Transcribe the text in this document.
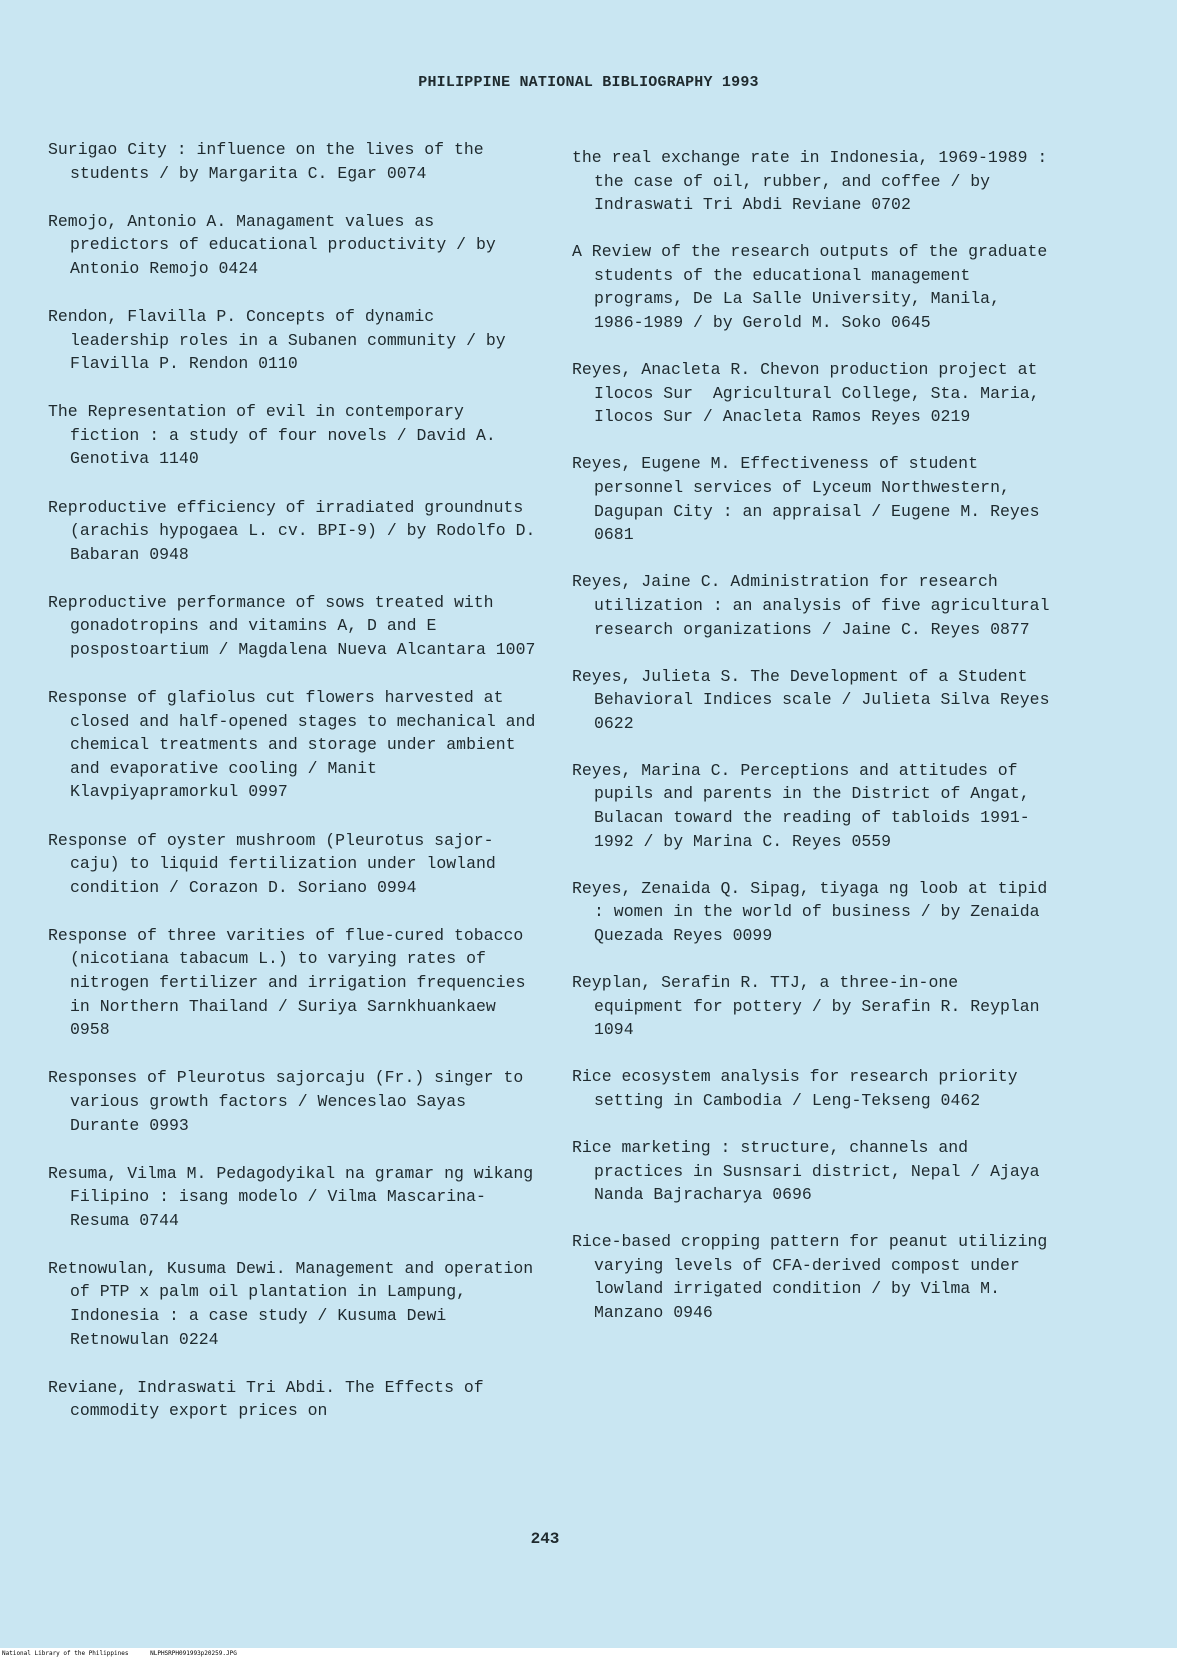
PHILIPPINE NATIONAL BIBLIOGRAPHY 1993

Surigao City : influence on the lives of the students / by Margarita C. Egar 0074

Remojo, Antonio A. Managament values as predictors of educational productivity / by Antonio Remojo 0424

Rendon, Flavilla P. Concepts of dynamic leadership roles in a Subanen community / by Flavilla P. Rendon 0110

The Representation of evil in contemporary fiction : a study of four novels / David A. Genotiva 1140

Reproductive efficiency of irradiated groundnuts (arachis hypogaea L. cv. BPI-9) / by Rodolfo D. Babaran 0948

Reproductive performance of sows treated with gonadotropins and vitamins A, D and E pospostoartium / Magdalena Nueva Alcantara 1007

Response of glafiolus cut flowers harvested at closed and half-opened stages to mechanical and chemical treatments and storage under ambient and evaporative cooling / Manit Klavpiyapramorkul 0997

Response of oyster mushroom (Pleurotus sajor-caju) to liquid fertilization under lowland condition / Corazon D. Soriano 0994

Response of three varities of flue-cured tobacco (nicotiana tabacum L.) to varying rates of nitrogen fertilizer and irrigation frequencies in Northern Thailand / Suriya Sarnkhuankaew 0958

Responses of Pleurotus sajorcaju (Fr.) singer to various growth factors / Wenceslao Sayas Durante 0993

Resuma, Vilma M. Pedagodyikal na gramar ng wikang Filipino : isang modelo / Vilma Mascarina-Resuma 0744

Retnowulan, Kusuma Dewi. Management and operation of PTP x palm oil plantation in Lampung, Indonesia : a case study / Kusuma Dewi Retnowulan 0224

Reviane, Indraswati Tri Abdi. The Effects of commodity export prices on

the real exchange rate in Indonesia, 1969-1989 : the case of oil, rubber, and coffee / by Indraswati Tri Abdi Reviane 0702

A Review of the research outputs of the graduate students of the educational management programs, De La Salle University, Manila, 1986-1989 / by Gerold M. Soko 0645

Reyes, Anacleta R. Chevon production project at Ilocos Sur  Agricultural College, Sta. Maria, Ilocos Sur / Anacleta Ramos Reyes 0219

Reyes, Eugene M. Effectiveness of student personnel services of Lyceum Northwestern, Dagupan City : an appraisal / Eugene M. Reyes 0681

Reyes, Jaine C. Administration for research utilization : an analysis of five agricultural research organizations / Jaine C. Reyes 0877

Reyes, Julieta S. The Development of a Student Behavioral Indices scale / Julieta Silva Reyes 0622

Reyes, Marina C. Perceptions and attitudes of pupils and parents in the District of Angat, Bulacan toward the reading of tabloids 1991-1992 / by Marina C. Reyes 0559

Reyes, Zenaida Q. Sipag, tiyaga ng loob at tipid : women in the world of business / by Zenaida Quezada Reyes 0099

Reyplan, Serafin R. TTJ, a three-in-one equipment for pottery / by Serafin R. Reyplan 1094

Rice ecosystem analysis for research priority setting in Cambodia / Leng-Tekseng 0462

Rice marketing : structure, channels and practices in Susnsari district, Nepal / Ajaya Nanda Bajracharya 0696

Rice-based cropping pattern for peanut utilizing varying levels of CFA-derived compost under lowland irrigated condition / by Vilma M. Manzano 0946

243
National Library of the Philippines      NLPHSRPH091993p20259.JPG
